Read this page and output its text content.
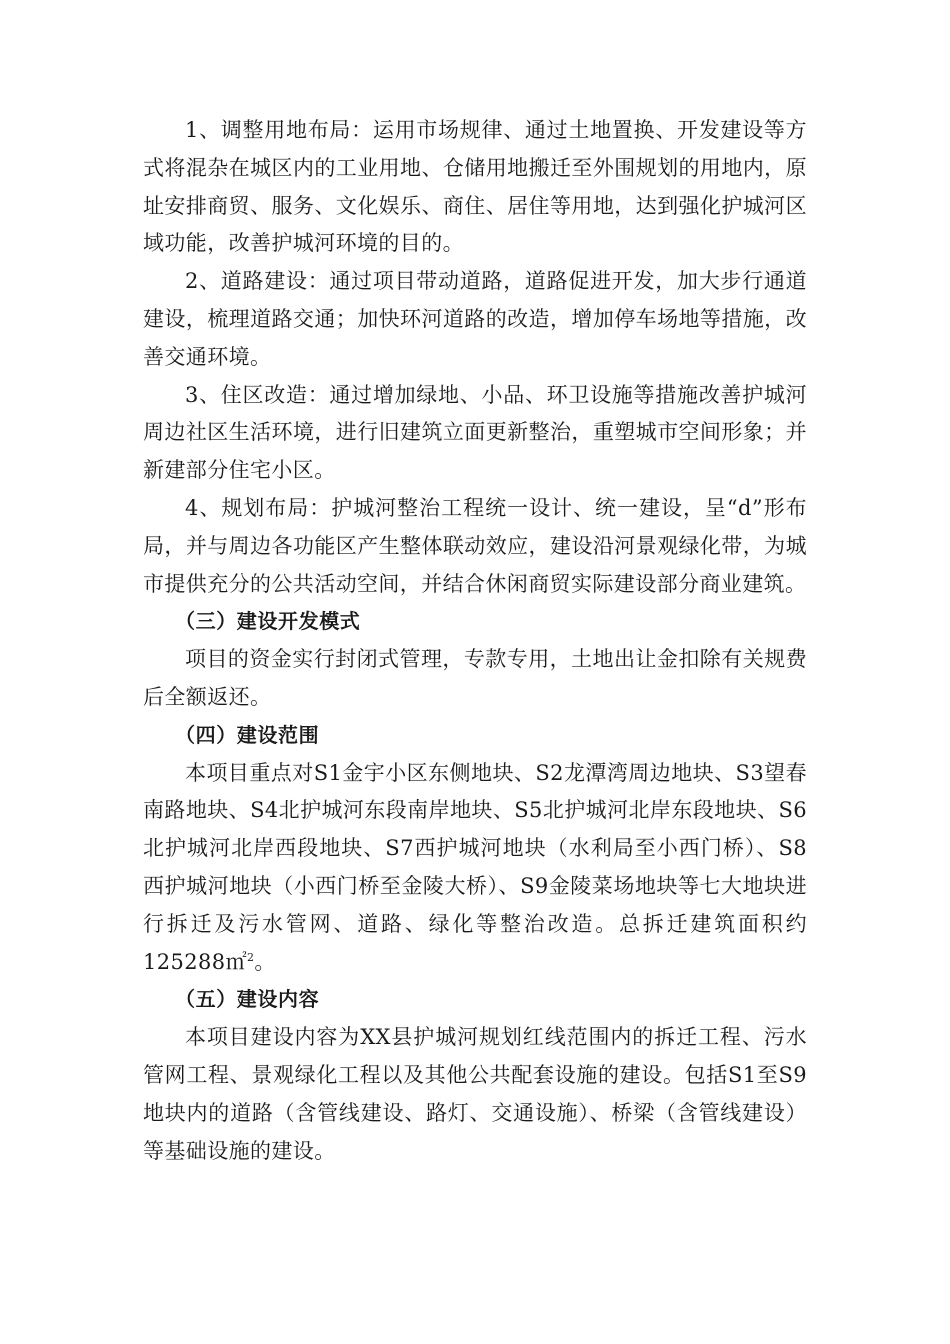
1、调整用地布局：运用市场规律、通过土地置换、开发建设等方式将混杂在城区内的工业用地、仓储用地搬迁至外围规划的用地内，原址安排商贸、服务、文化娱乐、商住、居住等用地，达到强化护城河区域功能，改善护城河环境的目的。

2、道路建设：通过项目带动道路，道路促进开发，加大步行通道建设，梳理道路交通；加快环河道路的改造，增加停车场地等措施，改善交通环境。

3、住区改造：通过增加绿地、小品、环卫设施等措施改善护城河周边社区生活环境，进行旧建筑立面更新整治，重塑城市空间形象；并新建部分住宅小区。

4、规划布局：护城河整治工程统一设计、统一建设，呈“d”形布局，并与周边各功能区产生整体联动效应，建设沿河景观绿化带，为城市提供充分的公共活动空间，并结合休闲商贸实际建设部分商业建筑。

（三）建设开发模式

项目的资金实行封闭式管理，专款专用，土地出让金扣除有关规费后全额返还。

（四）建设范围

本项目重点对S1金宇小区东侧地块、S2龙潭湾周边地块、S3望春南路地块、S4北护城河东段南岸地块、S5北护城河北岸东段地块、S6北护城河北岸西段地块、S7西护城河地块（水利局至小西门桥）、S8西护城河地块（小西门桥至金陵大桥）、S9金陵菜场地块等七大地块进行拆迁及污水管网、道路、绿化等整治改造。总拆迁建筑面积约125288㎡$^2$。

（五）建设内容

本项目建设内容为XX县护城河规划红线范围内的拆迁工程、污水管网工程、景观绿化工程以及其他公共配套设施的建设。包括S1至S9地块内的道路（含管线建设、路灯、交通设施）、桥梁（含管线建设）等基础设施的建设。
